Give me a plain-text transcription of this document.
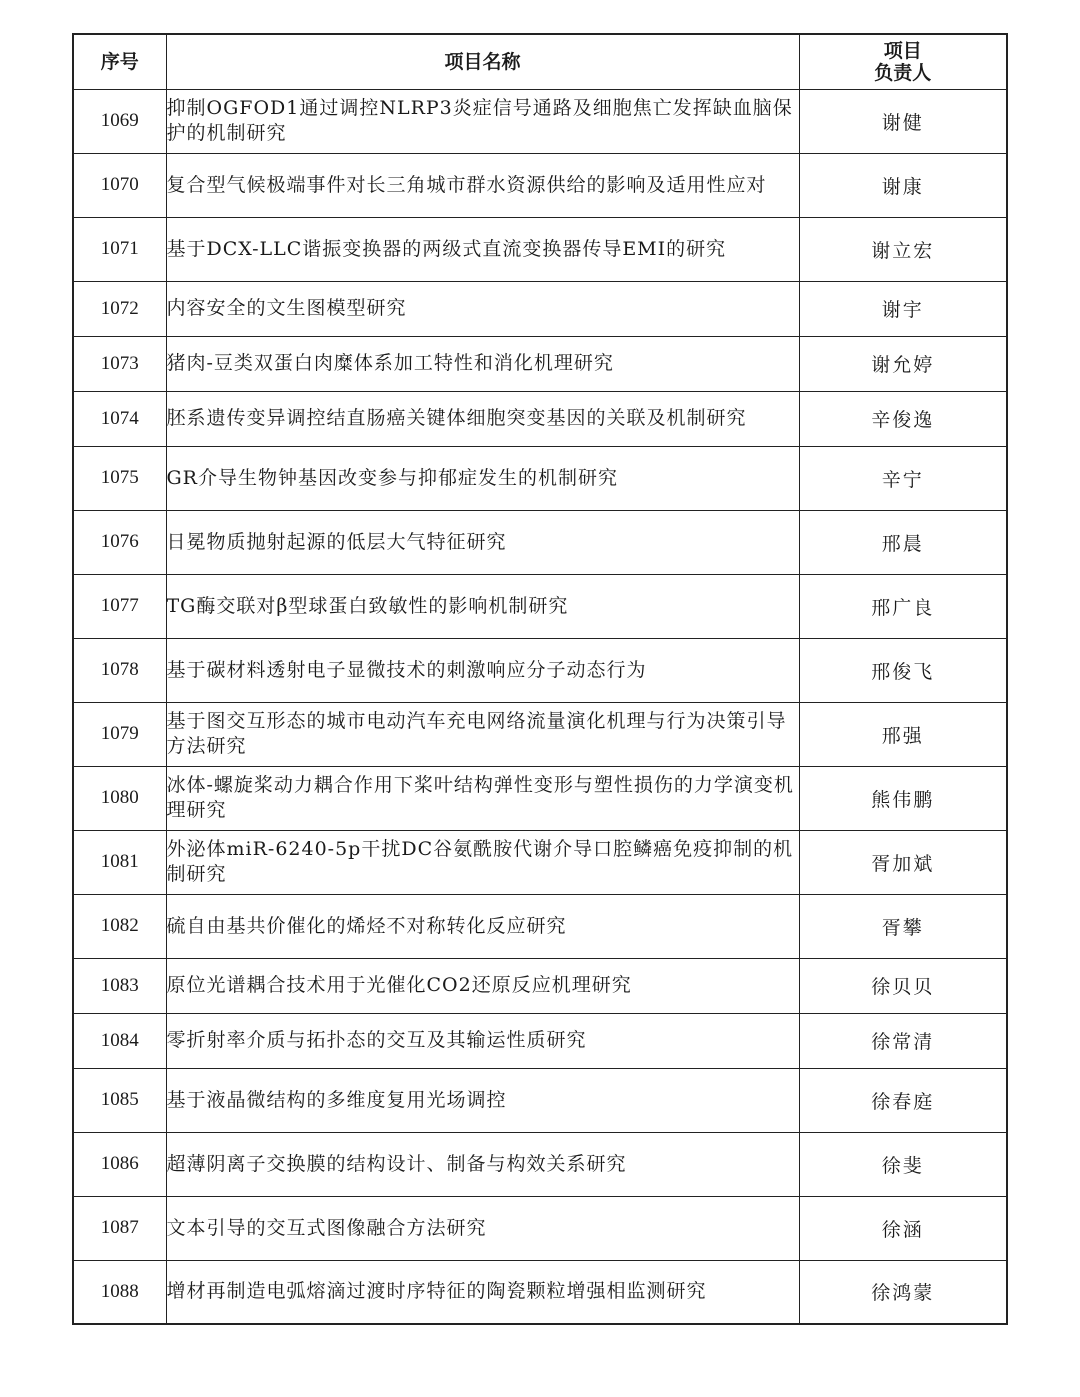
序号	项目名称	项目
负责人

1069	抑制OGFOD1通过调控NLRP3炎症信号通路及细胞焦亡发挥缺血脑保护的机制研究	谢健
1070	复合型气候极端事件对长三角城市群水资源供给的影响及适用性应对	谢康
1071	基于DCX-LLC谐振变换器的两级式直流变换器传导EMI的研究	谢立宏
1072	内容安全的文生图模型研究	谢宇
1073	猪肉-豆类双蛋白肉糜体系加工特性和消化机理研究	谢允婷
1074	胚系遗传变异调控结直肠癌关键体细胞突变基因的关联及机制研究	辛俊逸
1075	GR介导生物钟基因改变参与抑郁症发生的机制研究	辛宁
1076	日冕物质抛射起源的低层大气特征研究	邢晨
1077	TG酶交联对β型球蛋白致敏性的影响机制研究	邢广良
1078	基于碳材料透射电子显微技术的刺激响应分子动态行为	邢俊飞
1079	基于图交互形态的城市电动汽车充电网络流量演化机理与行为决策引导方法研究	邢强
1080	冰体-螺旋桨动力耦合作用下桨叶结构弹性变形与塑性损伤的力学演变机理研究	熊伟鹏
1081	外泌体miR-6240-5p干扰DC谷氨酰胺代谢介导口腔鳞癌免疫抑制的机制研究	胥加斌
1082	硫自由基共价催化的烯烃不对称转化反应研究	胥攀
1083	原位光谱耦合技术用于光催化CO2还原反应机理研究	徐贝贝
1084	零折射率介质与拓扑态的交互及其输运性质研究	徐常清
1085	基于液晶微结构的多维度复用光场调控	徐春庭
1086	超薄阴离子交换膜的结构设计、制备与构效关系研究	徐斐
1087	文本引导的交互式图像融合方法研究	徐涵
1088	增材再制造电弧熔滴过渡时序特征的陶瓷颗粒增强相监测研究	徐鸿蒙
